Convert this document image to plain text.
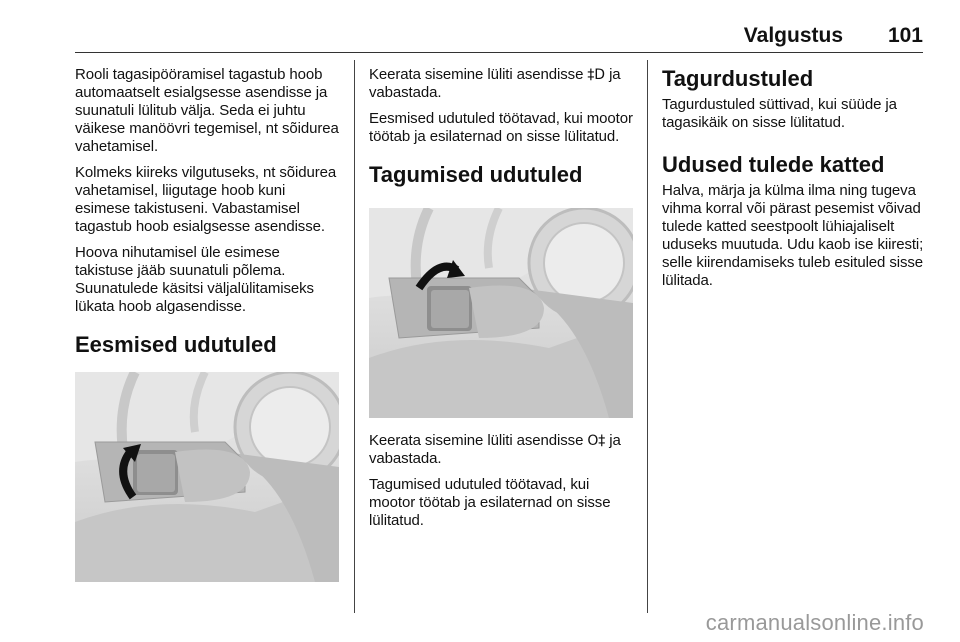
Valgustus 101

Rooli tagasipööramisel tagastub hoob automaatselt esialgsesse asendisse ja suunatuli lülitub välja. Seda ei juhtu väikese manöövri tegemisel, nt sõidurea vahetamisel.

Kolmeks kiireks vilgutuseks, nt sõidurea vahetamisel, liigutage hoob kuni esimese takistuseni. Vabastamisel tagastub hoob esialgsesse asendisse.

Hoova nihutamisel üle esimese takistuse jääb suunatuli põlema. Suunatulede käsitsi väljalülitamiseks lükata hoob algasendisse.

Eesmised udutuled

Keerata sisemine lüliti asendisse ‡D ja vabastada.

Eesmised udutuled töötavad, kui mootor töötab ja esilaternad on sisse lülitatud.

Tagumised udutuled

Keerata sisemine lüliti asendisse O‡ ja vabastada.

Tagumised udutuled töötavad, kui mootor töötab ja esilaternad on sisse lülitatud.

Tagurdustuled

Tagurdustuled süttivad, kui süüde ja tagasikäik on sisse lülitatud.

Udused tulede katted

Halva, märja ja külma ilma ning tugeva vihma korral või pärast pesemist võivad tulede katted seestpoolt lühiajaliselt uduseks muutuda. Udu kaob ise kiiresti; selle kiirendamiseks tuleb esituled sisse lülitada.

carmanualsonline.info
